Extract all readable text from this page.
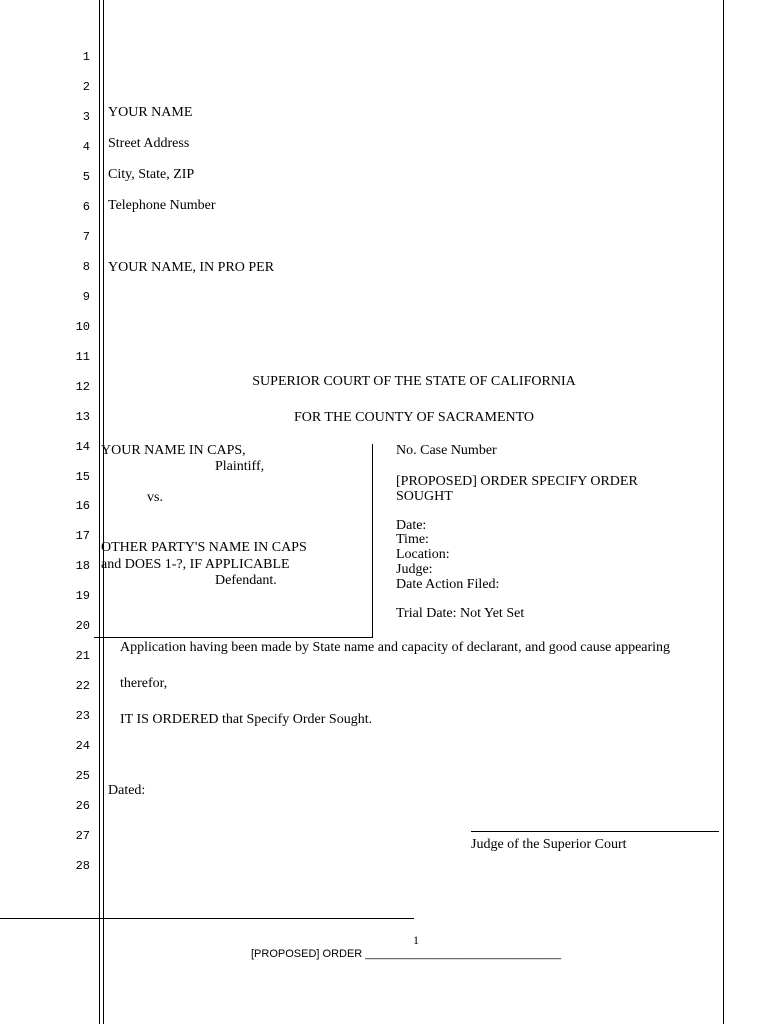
1
2
3
4
5
6
7
8
9
10
11
12
13
14
15
16
17
18
19
20
21
22
23
24
25
26
27
28
YOUR NAME
Street Address
City, State, ZIP
Telephone Number
YOUR NAME, IN PRO PER
SUPERIOR COURT OF THE STATE OF CALIFORNIA
FOR THE COUNTY OF SACRAMENTO
YOUR NAME IN CAPS,
Plaintiff,
vs.
OTHER PARTY'S NAME IN CAPS
and DOES 1-?, IF APPLICABLE
Defendant.
No. Case Number
[PROPOSED] ORDER SPECIFY ORDER
SOUGHT
Date:
Time:
Location:
Judge:
Date Action Filed:
Trial Date: Not Yet Set
Application having been made by State name and capacity of declarant, and good cause appearing
therefor,
IT IS ORDERED that Specify Order Sought.
Dated:
Judge of the Superior Court
1
[PROPOSED] ORDER ________________________________
